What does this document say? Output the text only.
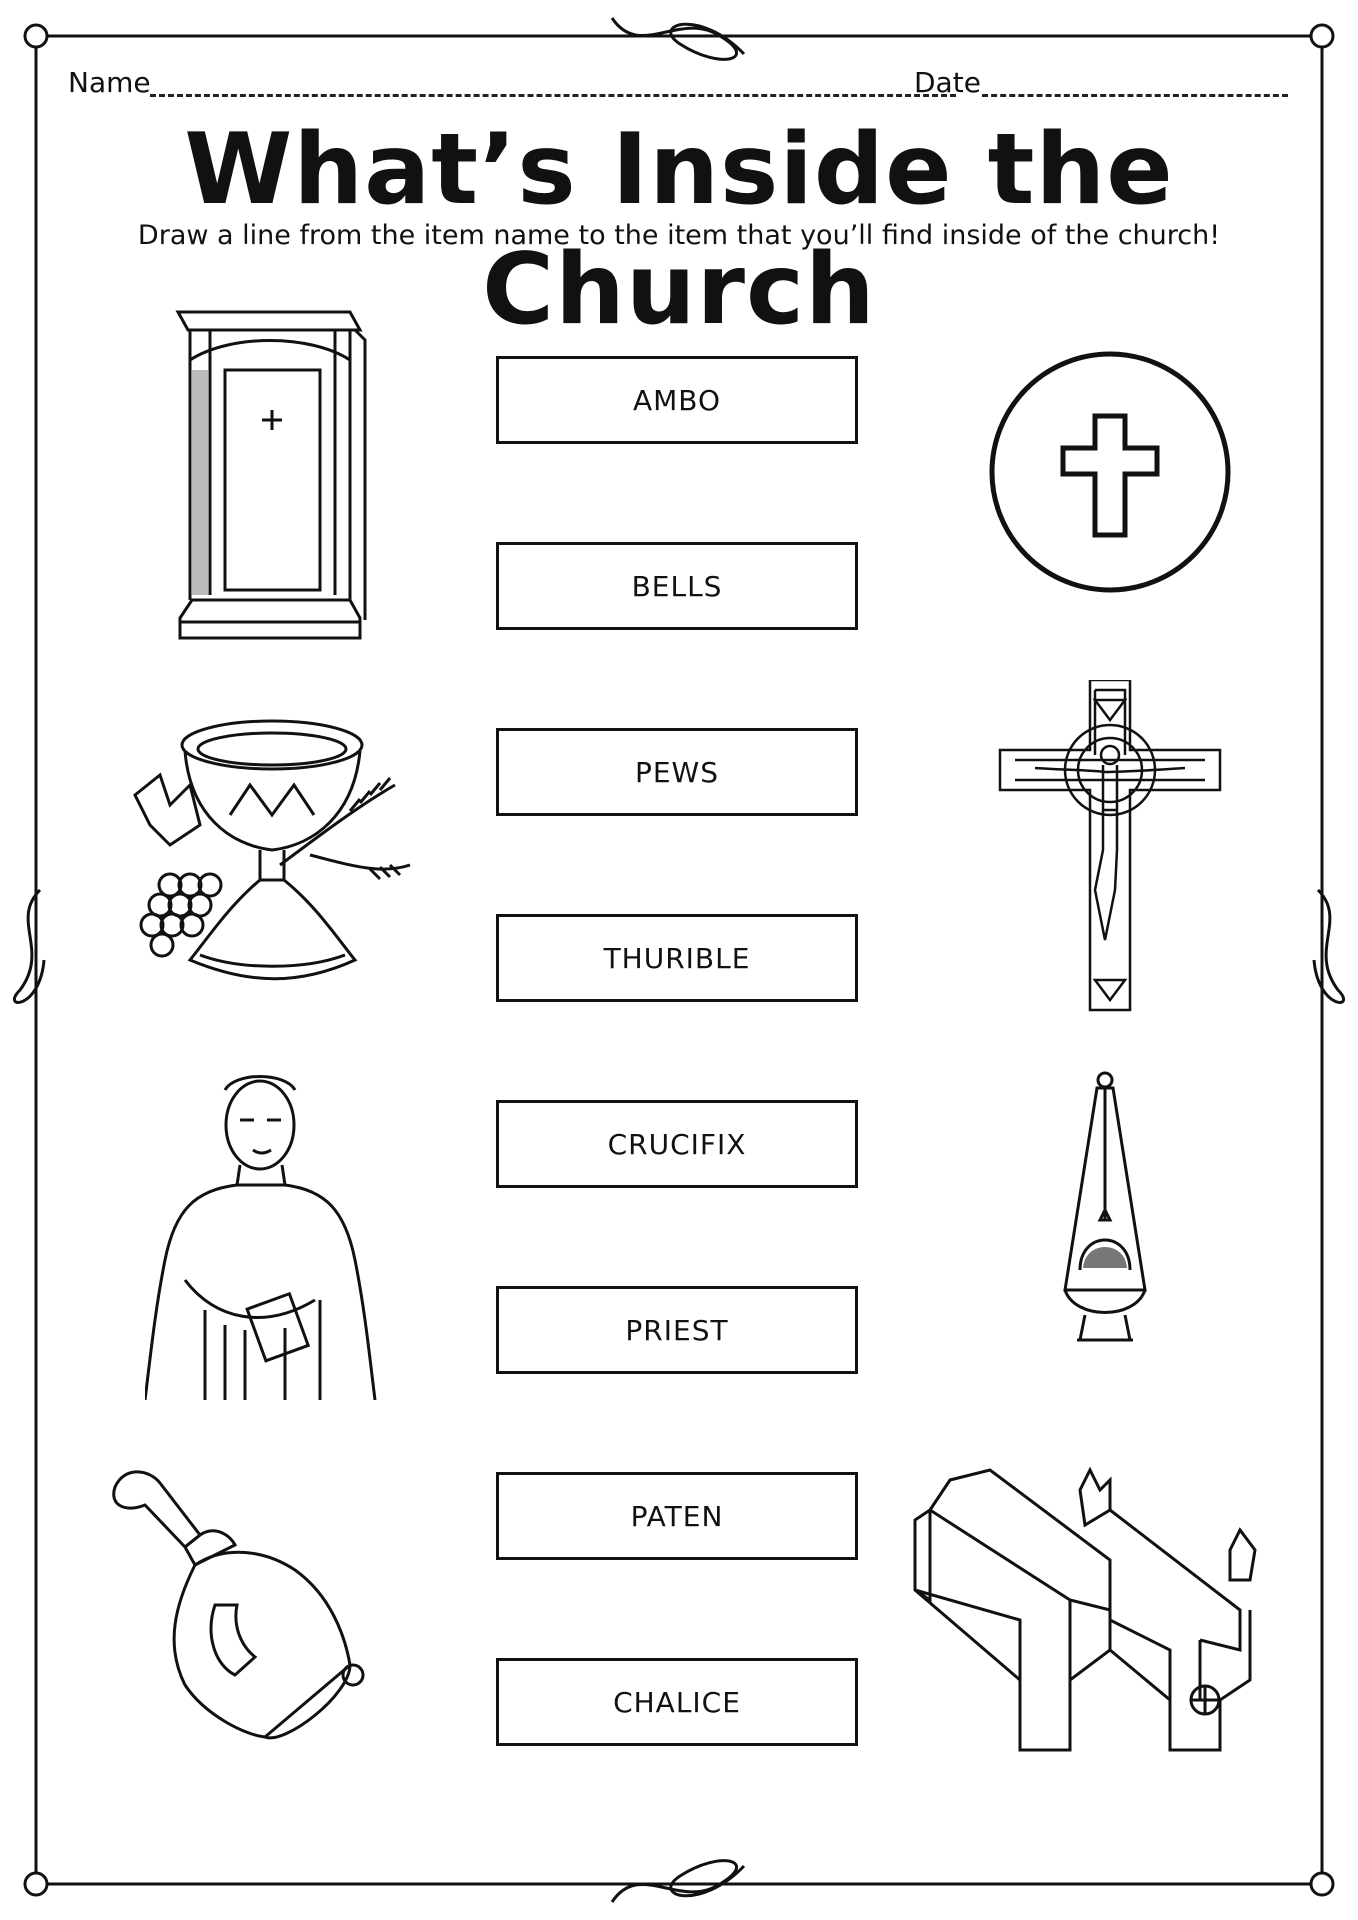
Name	Date
What’s Inside the Church
Draw a line from the item name to the item that you’ll find inside of the church!
AMBO
BELLS
PEWS
THURIBLE
CRUCIFIX
PRIEST
PATEN
CHALICE
